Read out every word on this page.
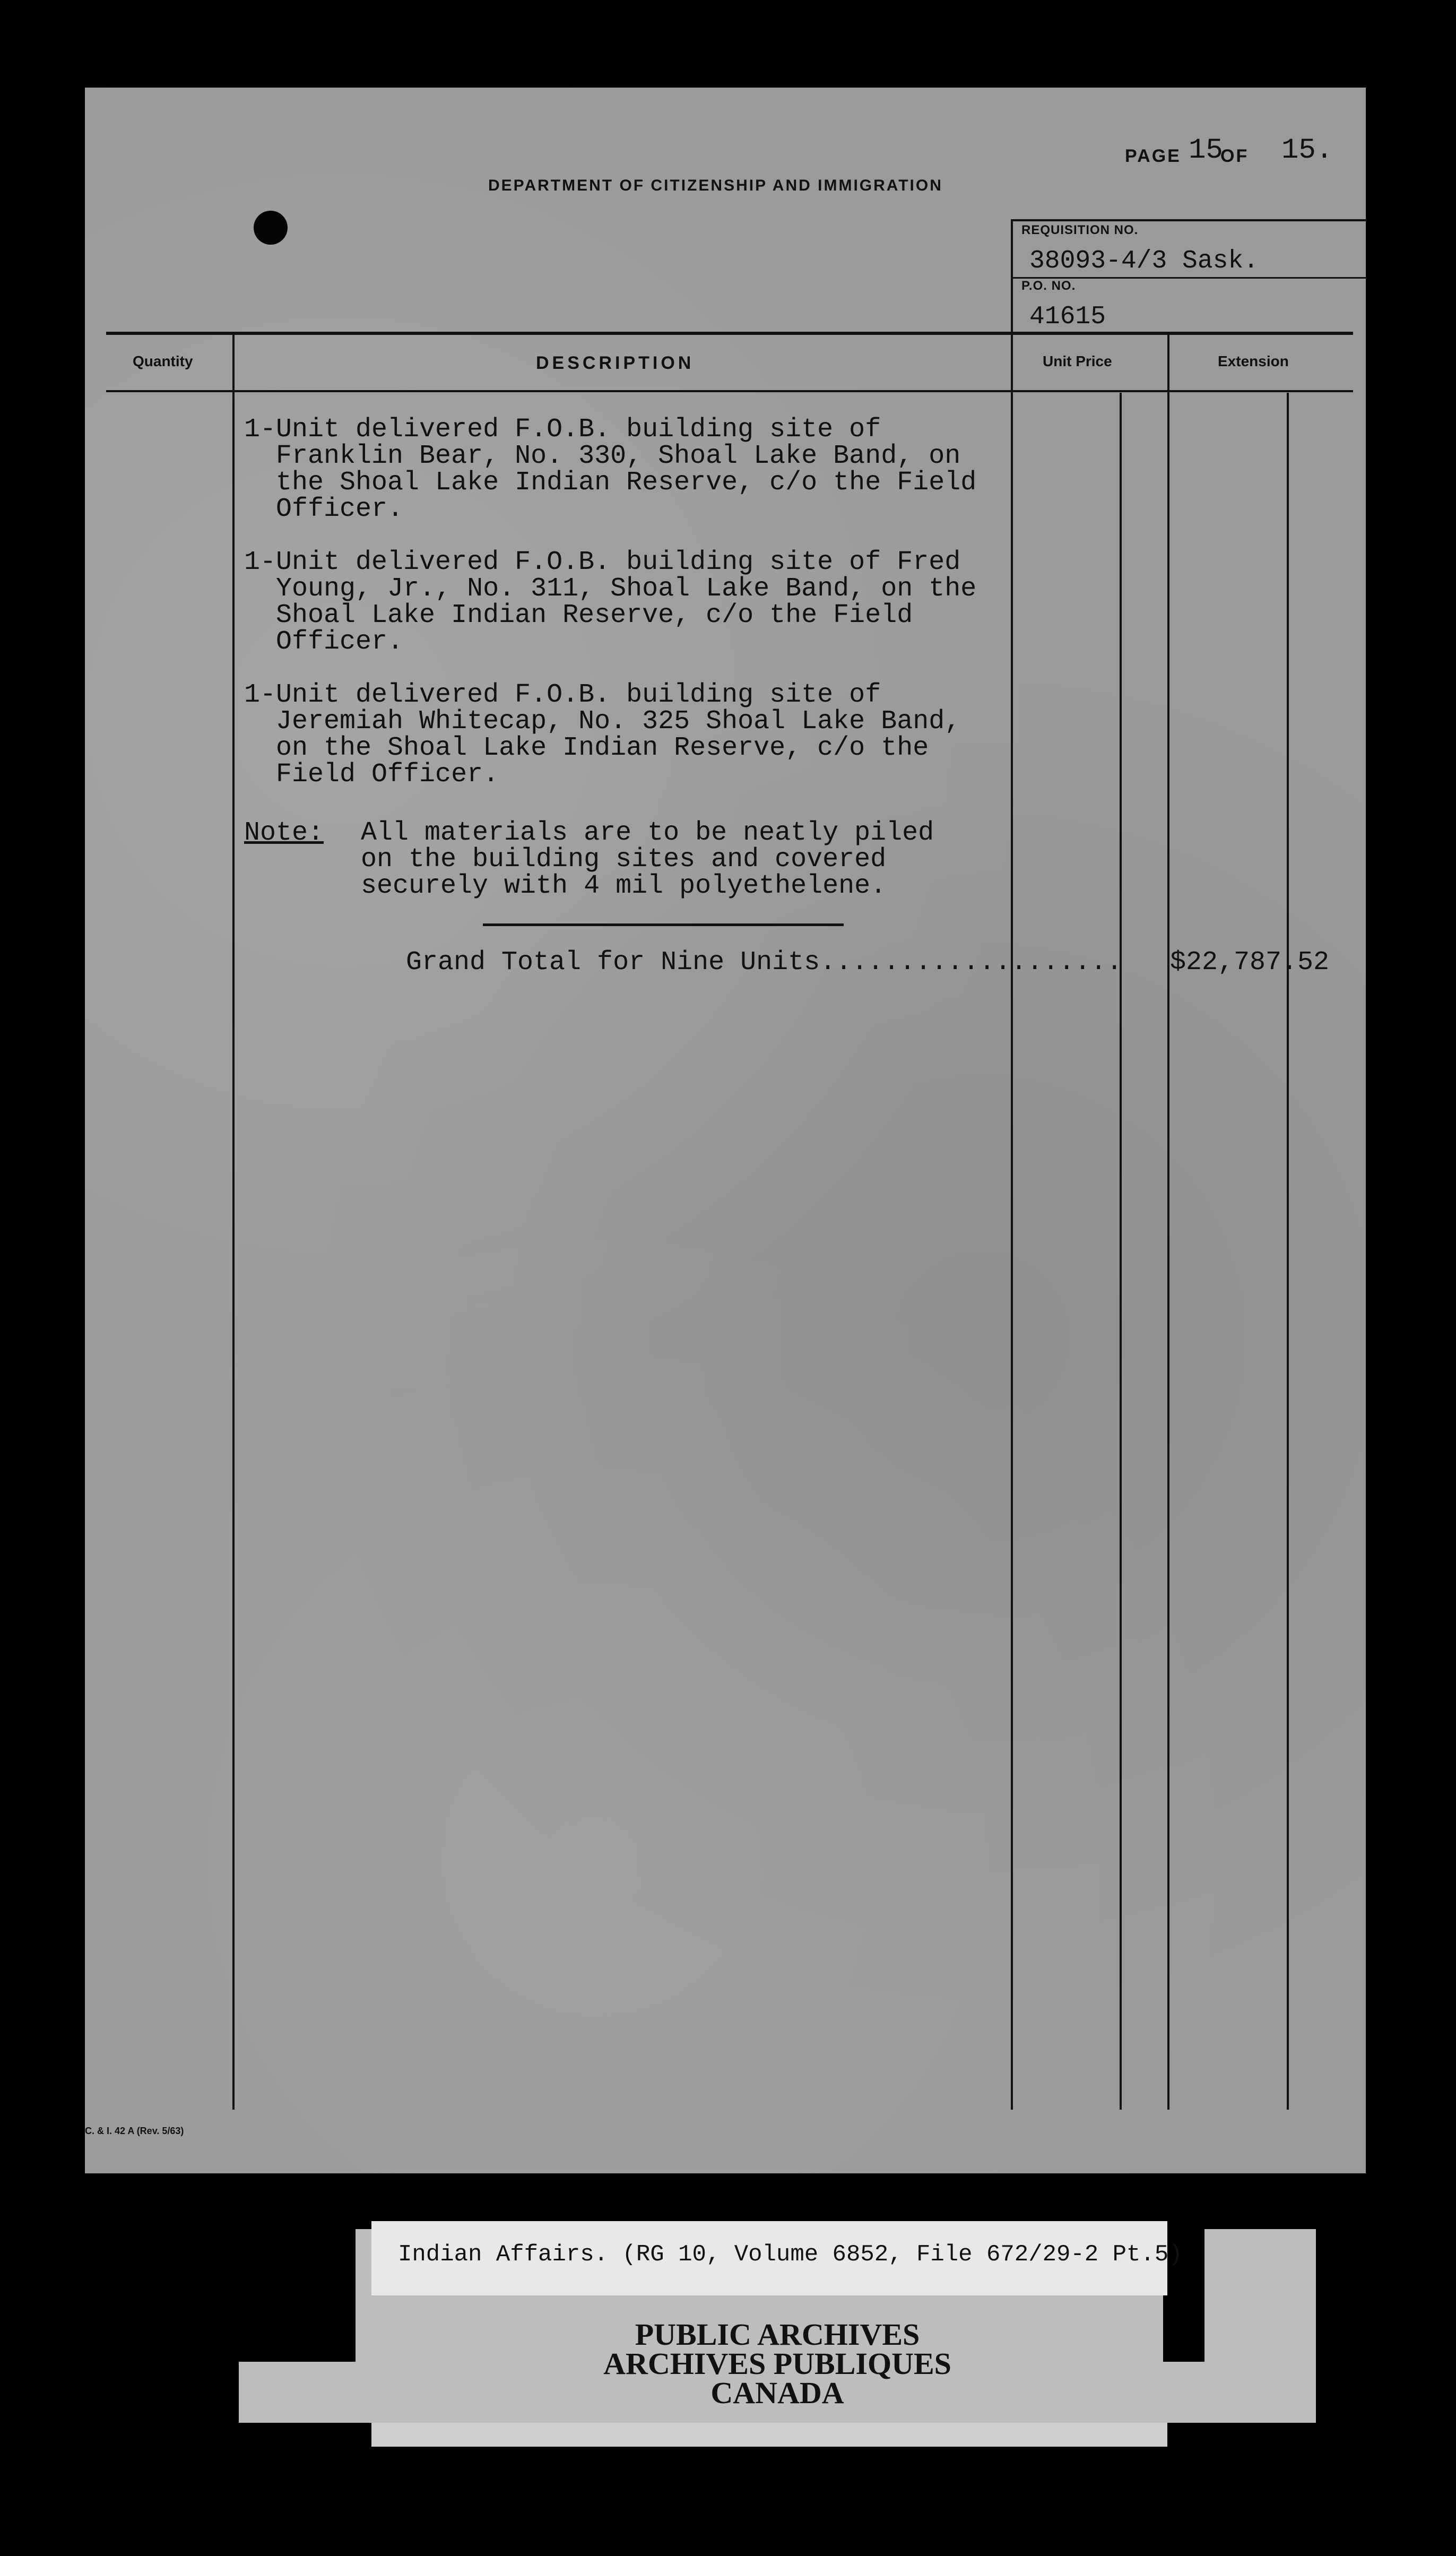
DEPARTMENT OF CITIZENSHIP AND IMMIGRATION
PAGE 15
OF 15.
REQUISITION NO.
38093-4/3 Sask.
P.O. NO.
41615
Quantity	DESCRIPTION	Unit Price	Extension
1-Unit delivered F.O.B. building site of
Franklin Bear, No. 330, Shoal Lake Band, on
the Shoal Lake Indian Reserve, c/o the Field
Officer.
1-Unit delivered F.O.B. building site of Fred
Young, Jr., No. 311, Shoal Lake Band, on the
Shoal Lake Indian Reserve, c/o the Field
Officer.
1-Unit delivered F.O.B. building site of
Jeremiah Whitecap, No. 325 Shoal Lake Band,
on the Shoal Lake Indian Reserve, c/o the
Field Officer.
Note: All materials are to be neatly piled
on the building sites and covered
securely with 4 mil polyethelene.
Grand Total for Nine Units................... $22,787.52
C. & I. 42 A (Rev. 5/63)
PUBLIC ARCHIVES
ARCHIVES PUBLIQUES
CANADA
Indian Affairs. (RG 10, Volume 6852, File 672/29-2 Pt.5)
